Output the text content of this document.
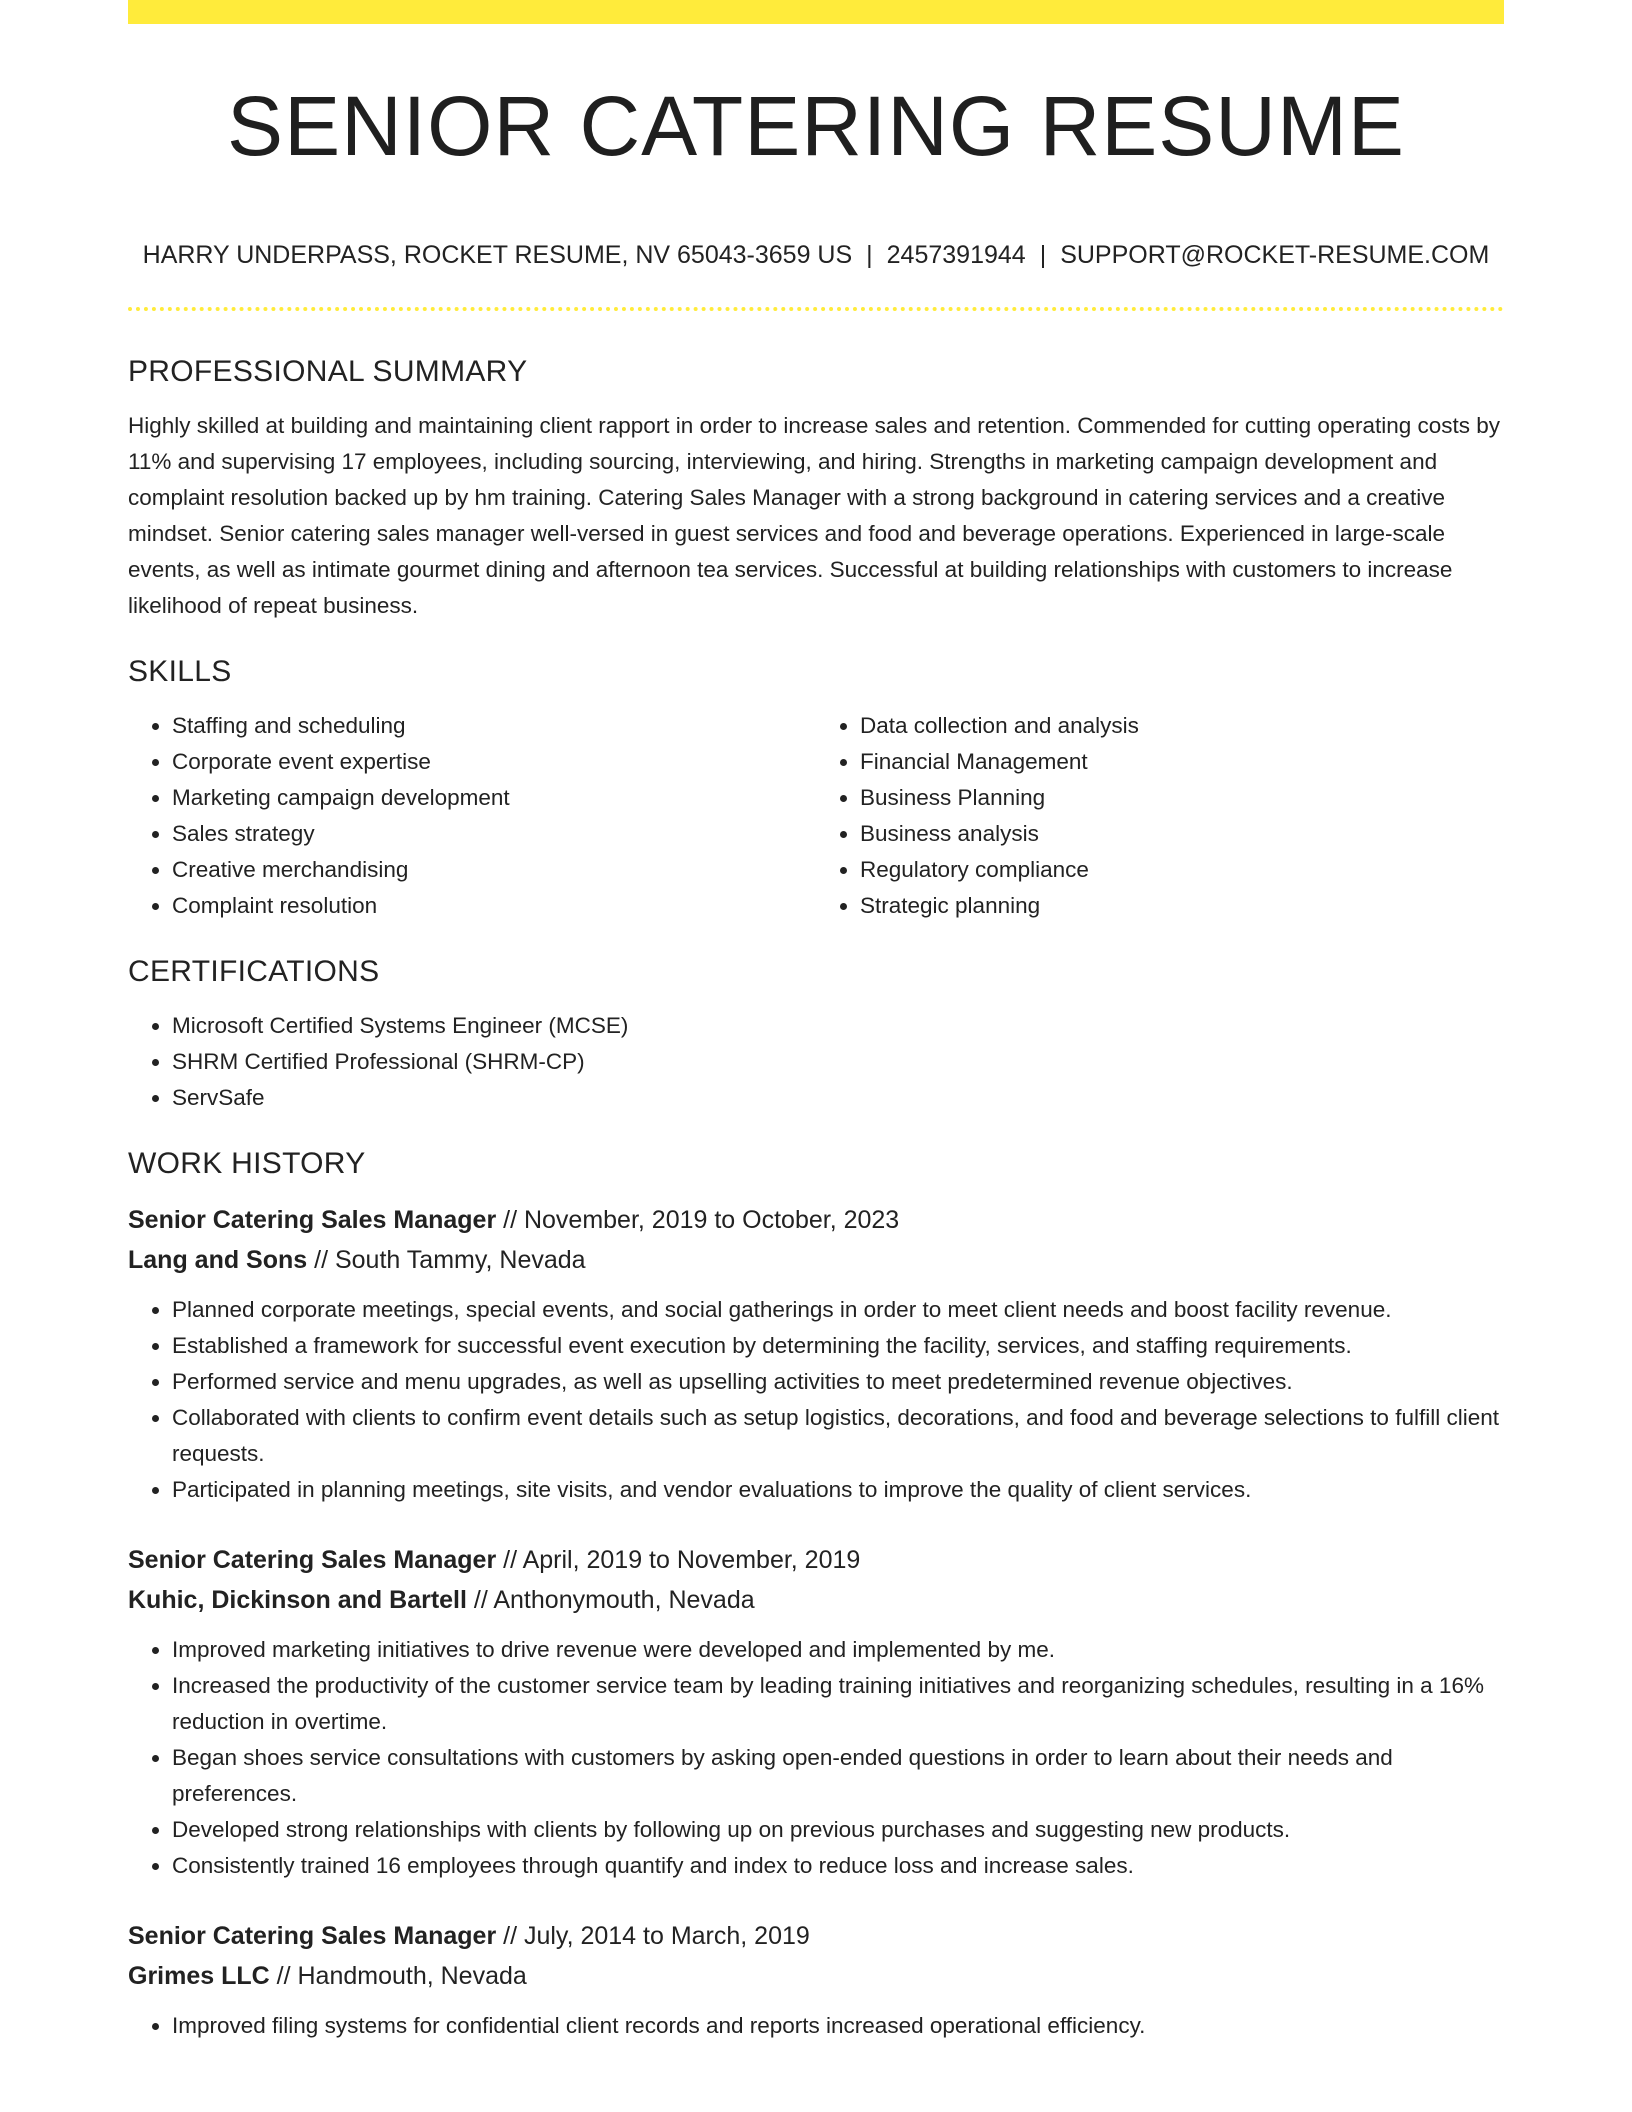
SENIOR CATERING RESUME
HARRY UNDERPASS, ROCKET RESUME, NV 65043-3659 US | 2457391944 | SUPPORT@ROCKET-RESUME.COM
PROFESSIONAL SUMMARY

Highly skilled at building and maintaining client rapport in order to increase sales and retention. Commended for cutting operating costs by 11% and supervising 17 employees, including sourcing, interviewing, and hiring. Strengths in marketing campaign development and complaint resolution backed up by hm training. Catering Sales Manager with a strong background in catering services and a creative mindset. Senior catering sales manager well-versed in guest services and food and beverage operations. Experienced in large-scale events, as well as intimate gourmet dining and afternoon tea services. Successful at building relationships with customers to increase likelihood of repeat business.

SKILLS
• Staffing and scheduling
• Corporate event expertise
• Marketing campaign development
• Sales strategy
• Creative merchandising
• Complaint resolution
• Data collection and analysis
• Financial Management
• Business Planning
• Business analysis
• Regulatory compliance
• Strategic planning
CERTIFICATIONS
• Microsoft Certified Systems Engineer (MCSE)
• SHRM Certified Professional (SHRM-CP)
• ServSafe
WORK HISTORY
Senior Catering Sales Manager // November, 2019 to October, 2023
Lang and Sons // South Tammy, Nevada
• Planned corporate meetings, special events, and social gatherings in order to meet client needs and boost facility revenue.
• Established a framework for successful event execution by determining the facility, services, and staffing requirements.
• Performed service and menu upgrades, as well as upselling activities to meet predetermined revenue objectives.
• Collaborated with clients to confirm event details such as setup logistics, decorations, and food and beverage selections to fulfill client requests.
• Participated in planning meetings, site visits, and vendor evaluations to improve the quality of client services.
Senior Catering Sales Manager // April, 2019 to November, 2019
Kuhic, Dickinson and Bartell // Anthonymouth, Nevada
• Improved marketing initiatives to drive revenue were developed and implemented by me.
• Increased the productivity of the customer service team by leading training initiatives and reorganizing schedules, resulting in a 16% reduction in overtime.
• Began shoes service consultations with customers by asking open-ended questions in order to learn about their needs and preferences.
• Developed strong relationships with clients by following up on previous purchases and suggesting new products.
• Consistently trained 16 employees through quantify and index to reduce loss and increase sales.
Senior Catering Sales Manager // July, 2014 to March, 2019
Grimes LLC // Handmouth, Nevada
• Improved filing systems for confidential client records and reports increased operational efficiency.
